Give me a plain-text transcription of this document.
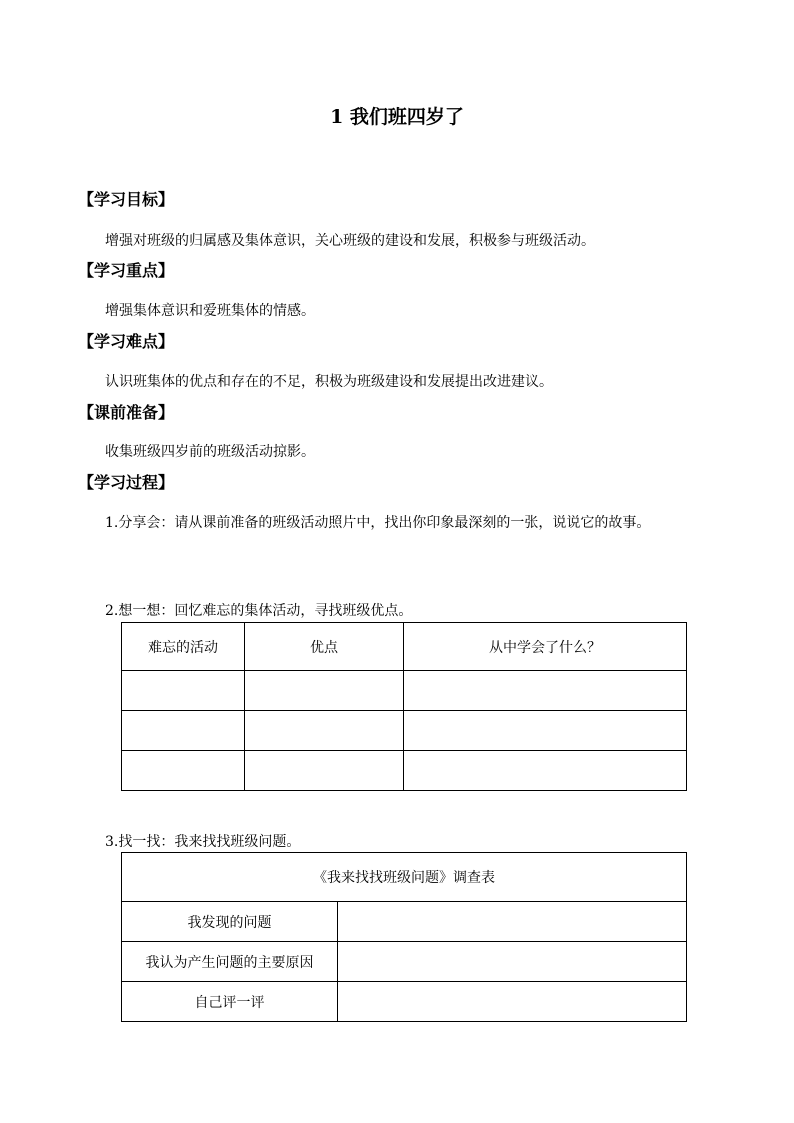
1 我们班四岁了
【学习目标】
增强对班级的归属感及集体意识，关心班级的建设和发展，积极参与班级活动。
【学习重点】
增强集体意识和爱班集体的情感。
【学习难点】
认识班集体的优点和存在的不足，积极为班级建设和发展提出改进建议。
【课前准备】
收集班级四岁前的班级活动掠影。
【学习过程】
1.分享会：请从课前准备的班级活动照片中，找出你印象最深刻的一张，说说它的故事。
2.想一想：回忆难忘的集体活动，寻找班级优点。
难忘的活动	优点	从中学会了什么？

3.找一找：我来找找班级问题。
《我来找找班级问题》调查表	
我发现的问题	
我认为产生问题的主要原因	
自己评一评	
